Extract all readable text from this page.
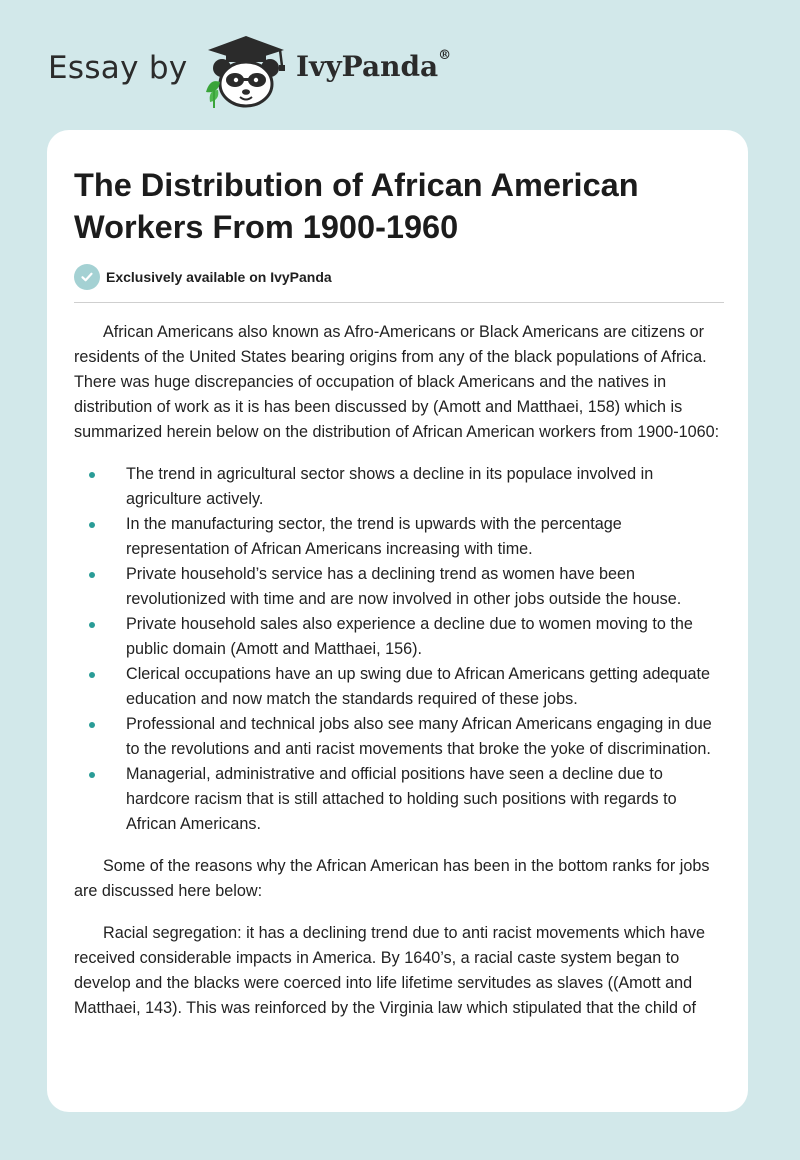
Essay by	IvyPanda®
The Distribution of African American Workers From 1900-1960
Exclusively available on IvyPanda

African Americans also known as Afro-Americans or Black Americans are citizens or residents of the United States bearing origins from any of the black populations of Africa. There was huge discrepancies of occupation of black Americans and the natives in distribution of work as it is has been discussed by (Amott and Matthaei, 158) which is summarized herein below on the distribution of African American workers from 1900-1060:

The trend in agricultural sector shows a decline in its populace involved in agriculture actively.
In the manufacturing sector, the trend is upwards with the percentage representation of African Americans increasing with time.
Private household’s service has a declining trend as women have been revolutionized with time and are now involved in other jobs outside the house.
Private household sales also experience a decline due to women moving to the public domain (Amott and Matthaei, 156).
Clerical occupations have an up swing due to African Americans getting adequate education and now match the standards required of these jobs.
Professional and technical jobs also see many African Americans engaging in due to the revolutions and anti racist movements that broke the yoke of discrimination.
Managerial, administrative and official positions have seen a decline due to hardcore racism that is still attached to holding such positions with regards to African Americans.

Some of the reasons why the African American has been in the bottom ranks for jobs are discussed here below:

Racial segregation: it has a declining trend due to anti racist movements which have received considerable impacts in America. By 1640’s, a racial caste system began to develop and the blacks were coerced into life lifetime servitudes as slaves ((Amott and Matthaei, 143). This was reinforced by the Virginia law which stipulated that the child of
